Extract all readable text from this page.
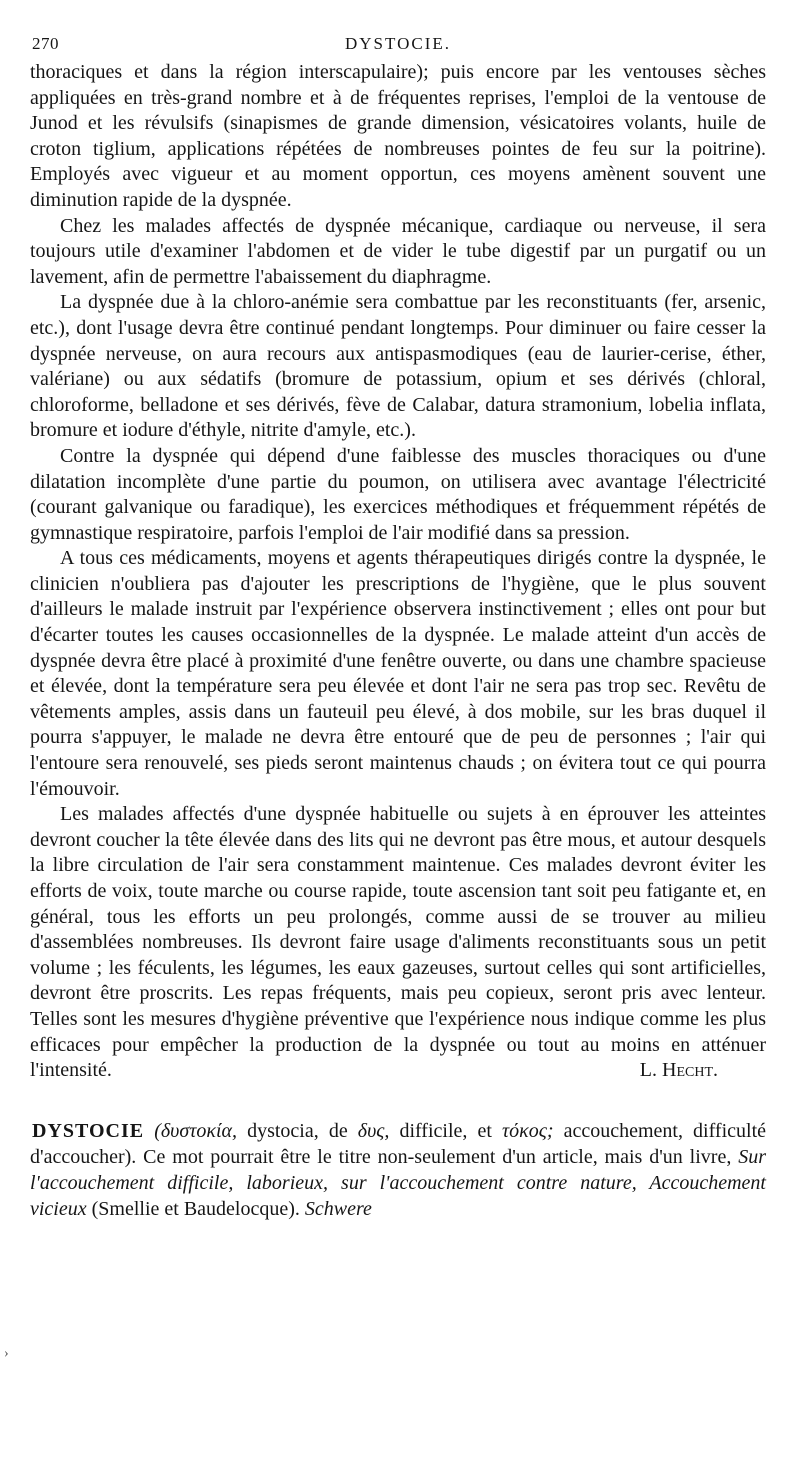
270	DYSTOCIE.

thoraciques et dans la région interscapulaire); puis encore par les ventouses sèches appliquées en très-grand nombre et à de fréquentes reprises, l'emploi de la ventouse de Junod et les révulsifs (sinapismes de grande dimension, vésicatoires volants, huile de croton tiglium, applications répétées de nombreuses pointes de feu sur la poitrine). Employés avec vigueur et au moment opportun, ces moyens amènent souvent une diminution rapide de la dyspnée.

Chez les malades affectés de dyspnée mécanique, cardiaque ou nerveuse, il sera toujours utile d'examiner l'abdomen et de vider le tube digestif par un purgatif ou un lavement, afin de permettre l'abaissement du diaphragme.

La dyspnée due à la chloro-anémie sera combattue par les reconstituants (fer, arsenic, etc.), dont l'usage devra être continué pendant longtemps. Pour diminuer ou faire cesser la dyspnée nerveuse, on aura recours aux antispasmodiques (eau de laurier-cerise, éther, valériane) ou aux sédatifs (bromure de potassium, opium et ses dérivés (chloral, chloroforme, belladone et ses dérivés, fève de Calabar, datura stramonium, lobelia inflata, bromure et iodure d'éthyle, nitrite d'amyle, etc.).

Contre la dyspnée qui dépend d'une faiblesse des muscles thoraciques ou d'une dilatation incomplète d'une partie du poumon, on utilisera avec avantage l'électricité (courant galvanique ou faradique), les exercices méthodiques et fréquemment répétés de gymnastique respiratoire, parfois l'emploi de l'air modifié dans sa pression.

A tous ces médicaments, moyens et agents thérapeutiques dirigés contre la dyspnée, le clinicien n'oubliera pas d'ajouter les prescriptions de l'hygiène, que le plus souvent d'ailleurs le malade instruit par l'expérience observera instinctivement ; elles ont pour but d'écarter toutes les causes occasionnelles de la dyspnée. Le malade atteint d'un accès de dyspnée devra être placé à proximité d'une fenêtre ouverte, ou dans une chambre spacieuse et élevée, dont la température sera peu élevée et dont l'air ne sera pas trop sec. Revêtu de vêtements amples, assis dans un fauteuil peu élevé, à dos mobile, sur les bras duquel il pourra s'appuyer, le malade ne devra être entouré que de peu de personnes ; l'air qui l'entoure sera renouvelé, ses pieds seront maintenus chauds ; on évitera tout ce qui pourra l'émouvoir.

Les malades affectés d'une dyspnée habituelle ou sujets à en éprouver les atteintes devront coucher la tête élevée dans des lits qui ne devront pas être mous, et autour desquels la libre circulation de l'air sera constamment maintenue. Ces malades devront éviter les efforts de voix, toute marche ou course rapide, toute ascension tant soit peu fatigante et, en général, tous les efforts un peu prolongés, comme aussi de se trouver au milieu d'assemblées nombreuses. Ils devront faire usage d'aliments reconstituants sous un petit volume ; les féculents, les légumes, les eaux gazeuses, surtout celles qui sont artificielles, devront être proscrits. Les repas fréquents, mais peu copieux, seront pris avec lenteur. Telles sont les mesures d'hygiène préventive que l'expérience nous indique comme les plus efficaces pour empêcher la production de la dyspnée ou tout au moins en atténuer l'intensité.	L. Hecht.

DYSTOCIE (δυστοκία, dystocia, de δυς, difficile, et τόκος; accouchement, difficulté d'accoucher). Ce mot pourrait être le titre non-seulement d'un article, mais d'un livre, Sur l'accouchement difficile, laborieux, sur l'accouchement contre nature, Accouchement vicieux (Smellie et Baudelocque). Schwere

›
